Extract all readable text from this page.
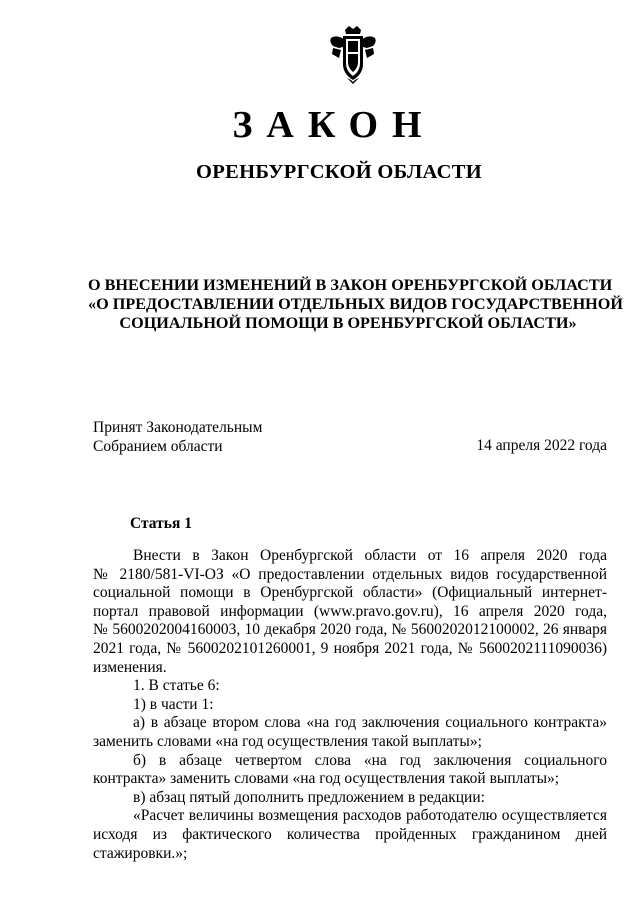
ЗАКОН
ОРЕНБУРГСКОЙ ОБЛАСТИ
О ВНЕСЕНИИ ИЗМЕНЕНИЙ В ЗАКОН ОРЕНБУРГСКОЙ ОБЛАСТИ
«О ПРЕДОСТАВЛЕНИИ ОТДЕЛЬНЫХ ВИДОВ ГОСУДАРСТВЕННОЙ
СОЦИАЛЬНОЙ ПОМОЩИ В ОРЕНБУРГСКОЙ ОБЛАСТИ»
Принят Законодательным
Собранием области	14 апреля 2022 года
Статья 1
Внести в Закон Оренбургской области от 16 апреля 2020 года
№ 2180/581-VI-ОЗ «О предоставлении отдельных видов государственной
социальной помощи в Оренбургской области» (Официальный интернет-
портал правовой информации (www.pravo.gov.ru), 16 апреля 2020 года,
№ 5600202004160003, 10 декабря 2020 года, № 5600202012100002, 26 января
2021 года, № 5600202101260001, 9 ноября 2021 года, № 5600202111090036)
изменения.
1. В статье 6:
1) в части 1:
а) в абзаце втором слова «на год заключения социального контракта»
заменить словами «на год осуществления такой выплаты»;
б) в абзаце четвертом слова «на год заключения социального
контракта» заменить словами «на год осуществления такой выплаты»;
в) абзац пятый дополнить предложением в редакции:
«Расчет величины возмещения расходов работодателю осуществляется
исходя из фактического количества пройденных гражданином дней
стажировки.»;
